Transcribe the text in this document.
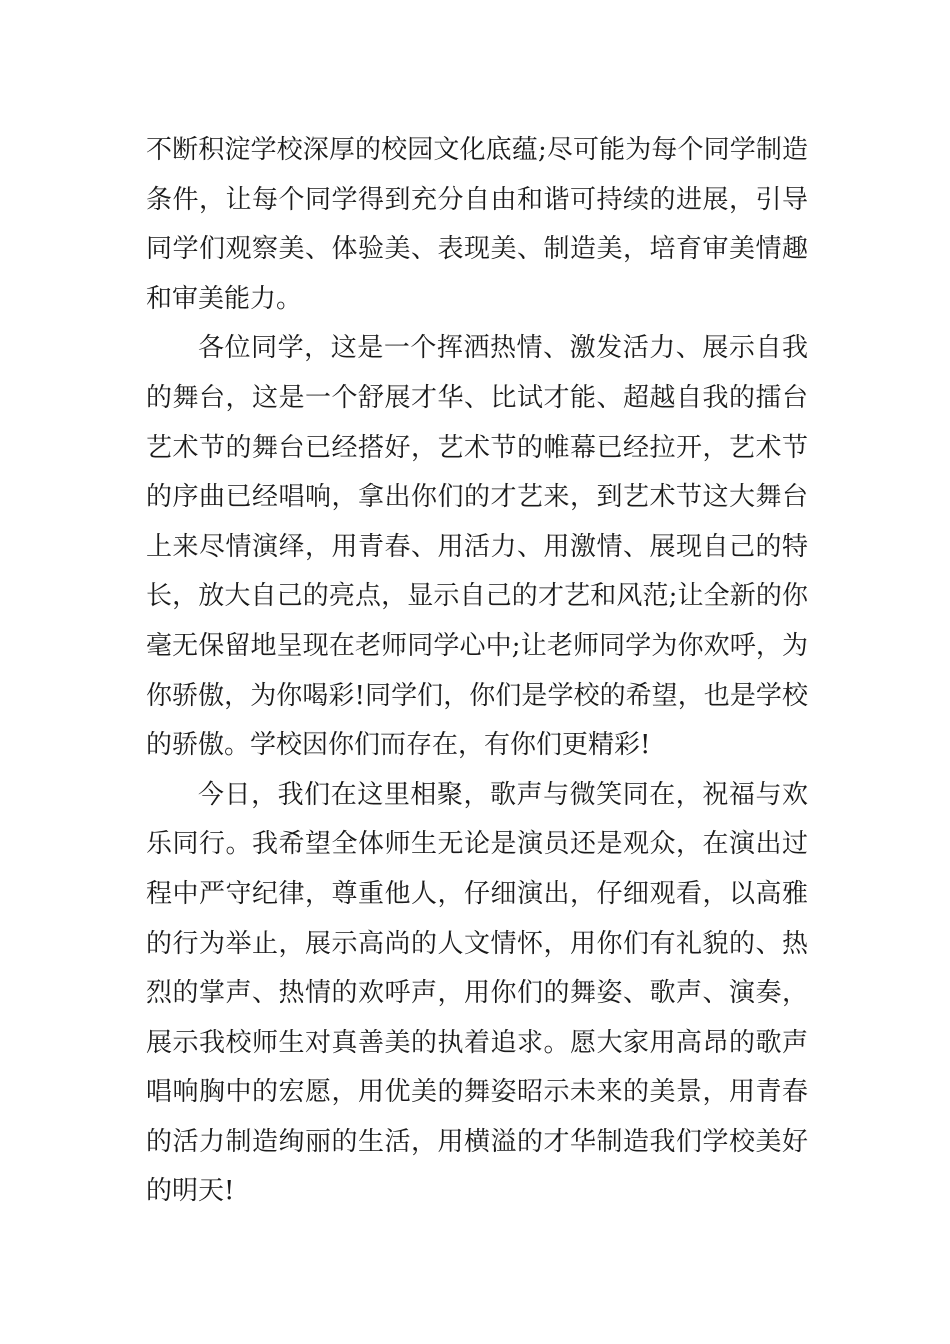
不断积淀学校深厚的校园文化底蕴;尽可能为每个同学制造
条件，让每个同学得到充分自由和谐可持续的进展，引导
同学们观察美、体验美、表现美、制造美，培育审美情趣
和审美能力。
各位同学，这是一个挥洒热情、激发活力、展示自我
的舞台，这是一个舒展才华、比试才能、超越自我的擂台
艺术节的舞台已经搭好，艺术节的帷幕已经拉开，艺术节
的序曲已经唱响，拿出你们的才艺来，到艺术节这大舞台
上来尽情演绎，用青春、用活力、用激情、展现自己的特
长，放大自己的亮点，显示自己的才艺和风范;让全新的你
毫无保留地呈现在老师同学心中;让老师同学为你欢呼，为
你骄傲，为你喝彩!同学们，你们是学校的希望，也是学校
的骄傲。学校因你们而存在，有你们更精彩!
今日，我们在这里相聚，歌声与微笑同在，祝福与欢
乐同行。我希望全体师生无论是演员还是观众，在演出过
程中严守纪律，尊重他人，仔细演出，仔细观看，以高雅
的行为举止，展示高尚的人文情怀，用你们有礼貌的、热
烈的掌声、热情的欢呼声，用你们的舞姿、歌声、演奏，
展示我校师生对真善美的执着追求。愿大家用高昂的歌声
唱响胸中的宏愿，用优美的舞姿昭示未来的美景，用青春
的活力制造绚丽的生活，用横溢的才华制造我们学校美好
的明天!
